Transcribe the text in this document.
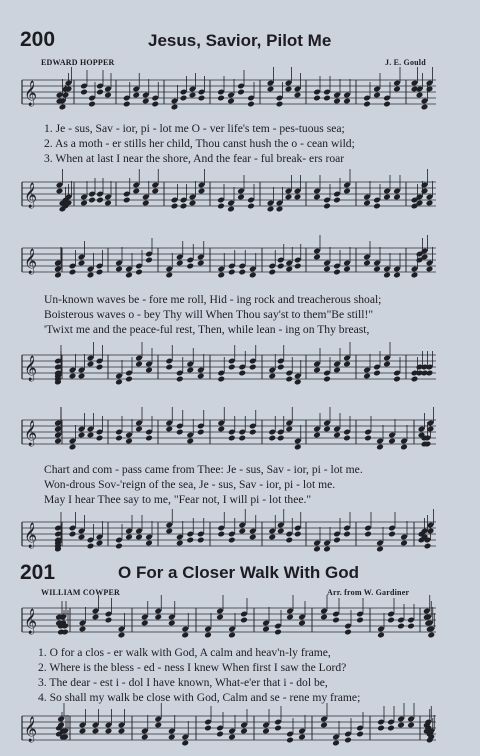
200	Jesus, Savior, Pilot Me
EDWARD HOPPER	J. E. Gould
𝄞
1. Je - sus, Sav - ior, pi - lot me O - ver life's tem - pes-tuous sea;
2. As a moth - er stills her child, Thou canst hush the o - cean wild;
3. When at last I near the shore, And the fear - ful break- ers roar
𝄞
𝄞
Un-known waves be - fore me roll, Hid - ing rock and treacherous shoal;
Boisterous waves o - bey Thy will When Thou say'st to them"Be still!"
'Twixt me and the peace-ful rest, Then, while lean - ing on Thy breast,
𝄞
𝄞
Chart and com - pass came from Thee: Je - sus, Sav - ior, pi - lot me.
Won-drous Sov-'reign of the sea, Je - sus, Sav - ior, pi - lot me.
May I hear Thee say to me, "Fear not, I will pi - lot thee."
𝄞
201	O For a Closer Walk With God
WILLIAM COWPER	Arr. from W. Gardiner
𝄞
1. O for a clos - er walk with God, A calm and heav'n-ly frame,
2. Where is the bless - ed - ness I knew When first I saw the Lord?
3. The dear - est i - dol I have known, What-e'er that i - dol be,
4. So shall my walk be close with God, Calm and se - rene my frame;
𝄞
